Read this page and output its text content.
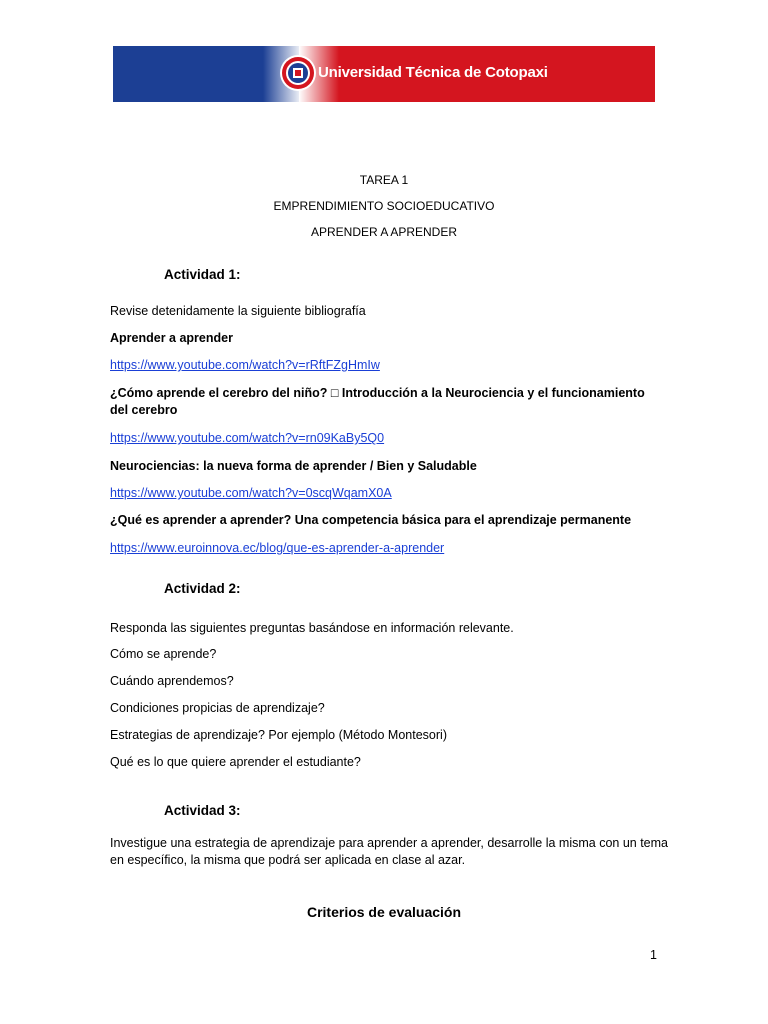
Universidad Técnica de Cotopaxi
TAREA 1
EMPRENDIMIENTO SOCIOEDUCATIVO
APRENDER A APRENDER
Actividad 1:
Revise detenidamente la siguiente bibliografía
Aprender a aprender
https://www.youtube.com/watch?v=rRftFZgHmIw
¿Cómo aprende el cerebro del niño? □ Introducción a la Neurociencia y el funcionamiento
del cerebro
https://www.youtube.com/watch?v=rn09KaBy5Q0
Neurociencias: la nueva forma de aprender / Bien y Saludable
https://www.youtube.com/watch?v=0scqWqamX0A
¿Qué es aprender a aprender? Una competencia básica para el aprendizaje permanente
https://www.euroinnova.ec/blog/que-es-aprender-a-aprender
Actividad 2:
Responda las siguientes preguntas basándose en información relevante.
Cómo se aprende?
Cuándo aprendemos?
Condiciones propicias de aprendizaje?
Estrategias de aprendizaje? Por ejemplo (Método Montesori)
Qué es lo que quiere aprender el estudiante?
Actividad 3:
Investigue una estrategia de aprendizaje para aprender a aprender, desarrolle la misma con un tema en específico, la misma que podrá ser aplicada en clase al azar.
Criterios de evaluación
1
